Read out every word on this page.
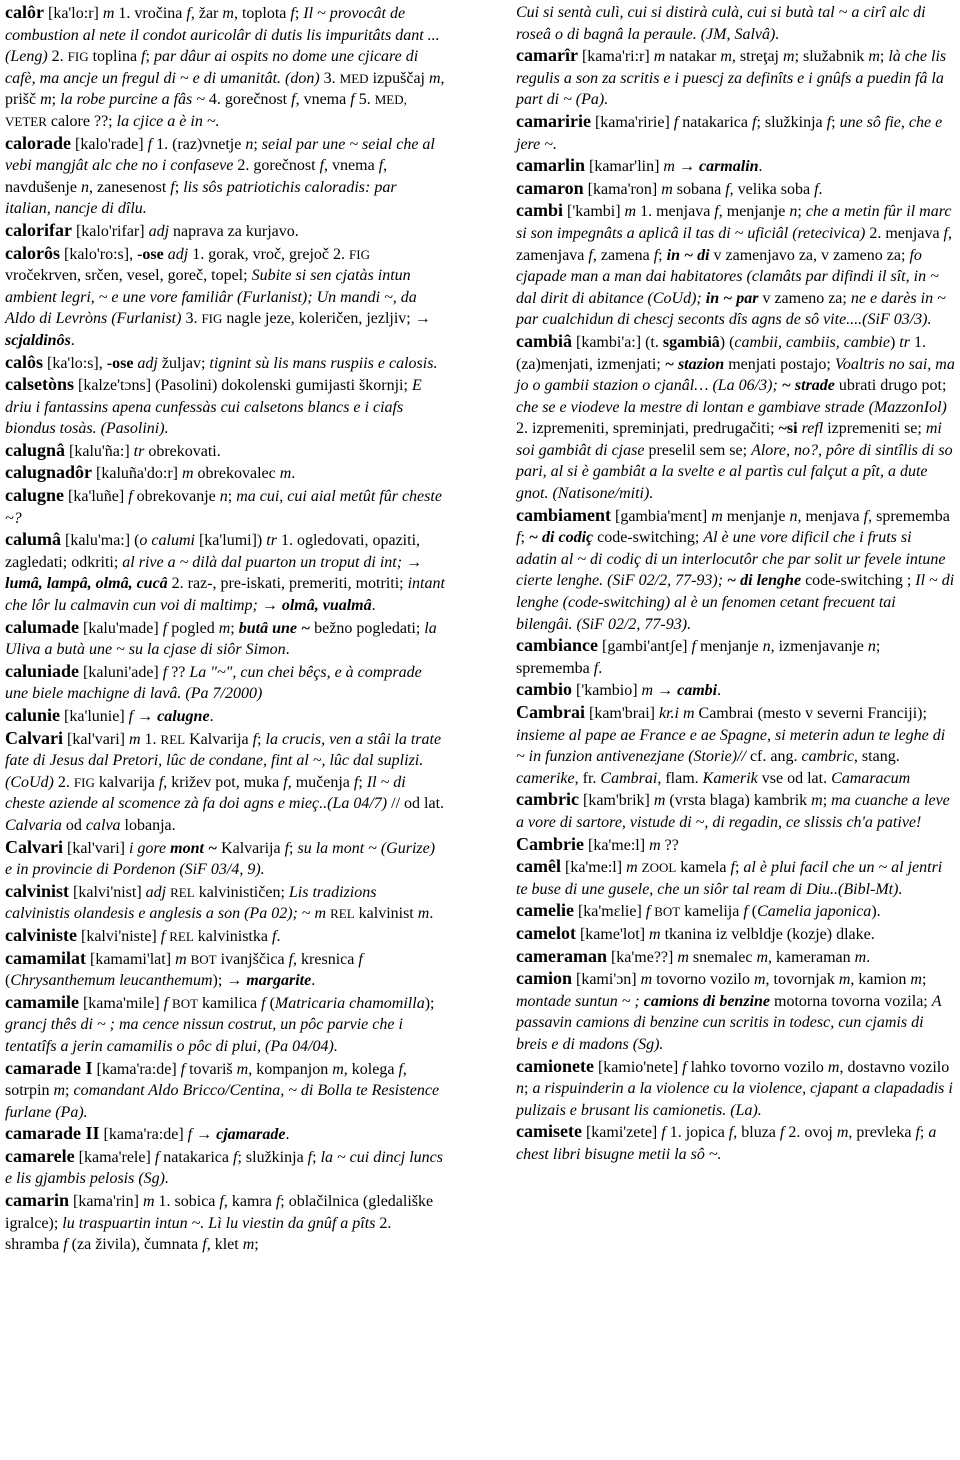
calôr [ka'lo:r] m 1. vročina f, žar m, toplota f; Il ~ provocât de combustion al nete il condot auricolâr di dutis lis impuritâts dant ... (Leng) 2. FIG toplina f; par dâur ai ospits no dome une cjicare di cafè, ma ancje un fregul di ~ e di umanitât. (don) 3. MED izpuščaj m, prišč m; la robe purcine a fâs ~ 4. gorečnost f, vnema f 5. MED, VETER calore ??; la cjice a è in ~.

calorade [kalo'rade] f 1. (raz)vnetje n; seial par une ~ seial che al vebi mangjât alc che no i confaseve 2. gorečnost f, vnema f, navdušenje n, zanesenost f; lis sôs patriotichis caloradis: par italian, nancje di dîlu.

calorifar [kalo'rifar] adj naprava za kurjavo.

calorôs [kalo'ro:s], -ose adj 1. gorak, vroč, grejoč 2. FIG vročekrven, srčen, vesel, goreč, topel; Subite si sen cjatàs intun ambient legri, ~ e une vore familiâr (Furlanist); Un mandi ~, da Aldo di Levròns (Furlanist) 3. FIG nagle jeze, koleričen, jezljiv; → scjaldinôs.

calôs [ka'lo:s], -ose adj žuljav; tignint sù lis mans ruspiis e calosis.

calsetòns [kalze'tɔns] (Pasolini) dokolenski gumijasti škornji; E driu i fantassins apena cunfessàs cui calsetons blancs e i ciafs biondus tosàs. (Pasolini).

calugnâ [kalu'ña:] tr obrekovati.

calugnadôr [kaluña'do:r] m obrekovalec m.

calugne [ka'luñe] f obrekovanje n; ma cui, cui aial metût fûr cheste ~?

calumâ [kalu'ma:] (o calumi [ka'lumi]) tr 1. ogledovati, opaziti, zagledati; odkriti; al rive a ~ dilà dal puarton un trοput di int; → lumâ, lampâ, olmâ, cucâ 2. raz-, pre-iskati, premeriti, motriti; intant che lôr lu calmavin cun voi di maltimp; → olmâ, vualmâ.

calumade [kalu'made] f pogled m; butâ une ~ bežno pogledati; la Uliva a butà une ~ su la cjase di siôr Simon.

caluniade [kaluni'ade] f ?? La "~", cun chei bêçs, e à comprade une biele machigne di lavâ. (Pa 7/2000)

calunie [ka'lunie] f → calugne.

Calvari [kal'vari] m 1. REL Kalvarija f; la crucis, ven a stâi la trate fate di Jesus dal Pretori, lûc de condane, fint al ~, lûc dal suplizi. (CoUd) 2. FIG kalvarija f, križev pot, muka f, mučenja f; Il ~ di cheste aziende al scomence zà fa doi agns e mieç..(La 04/7) // od lat. Calvaria od calva lobanja.

Calvari [kal'vari] i gore mont ~ Kalvarija f; su la mont ~ (Gurize) e in provincie di Pordenon (SiF 03/4, 9).

calvinist [kalvi'nist] adj REL kalvinističen; Lis tradizions calvinistis olandesis e anglesis a son (Pa 02); ~ m REL kalvinist m.

calviniste [kalvi'niste] f REL kalvinistka f.

camamilat [kamami'lat] m BOT ivanjščica f, kresnica f (Chrysanthemum leucanthemum); → margarite.

camamile [kama'mile] f BOT kamilica f (Matricaria chamomilla); grancj thês di ~ ; ma cence nissun costrut, un pôc parvie che i tentatîfs a jerin camamilis o pôc di plui, (Pa 04/04).

camarade I [kama'ra:de] f tovariš m, kompanjon m, kolega f, sotrpin m; comandant Aldo Bricco/Centina, ~ di Bolla te Resistence furlane (Pa).

camarade II [kama'ra:de] f → cjamarade.

camarele [kama'rele] f natakarica f; služkinja f; la ~ cui dincj luncs e lis gjambis pelosis (Sg).

camarin [kama'rin] m 1. sobica f, kamra f; oblačilnica (gledališke igralce); lu traspuartin intun ~. Lì lu viestin da gnûf a pîts 2. shramba f (za živila), čumnata f, klet m;

Cui si sentà culì, cui si distirà culà, cui si butà tal ~ a cirî alc di roseâ o di bagnâ la peraule. (JM, Salvâ).

camarîr [kama'ri:r] m natakar m, streţaj m; služabnik m; là che lis regulis a son za scritis e i puescj za definîts e i gnûfs a puedin fâ la part di ~ (Pa).

camaririe [kama'ririe] f natakarica f; služkinja f; une sô fie, che e jere ~.

camarlin [kamar'lin] m → carmalin.

camaron [kama'ron] m sobana f, velika soba f.

cambi ['kambi] m 1. menjava f, menjanje n; che a metin fûr il marc si son impegnâts a aplicâ il tas di ~ uficiâl (retecivica) 2. menjava f, zamenjava f, zamena f; in ~ di v zamenjavo za, v zameno za; fo cjapade man a man dai habitatores (clamâts par difindi il sît, in ~ dal dirit di abitance (CoUd); in ~ par v zameno za; ne e darès in ~ par cualchidun di chescj seconts dîs agns de sô vite....(SiF 03/3).

cambiâ [kambi'a:] (t. sgambiâ) (cambii, cambiis, cambie) tr 1. (za)menjati, izmenjati; ~ stazion menjati postajo; Voaltris no sai, ma jo o gambii stazion o cjanâl… (La 06/3); ~ strade ubrati drugo pot; che se e viodeve la mestre di lontan e gambiave strade (MazzonIol) 2. izpremeniti, spreminjati, predrugačiti; ~si refl izpremeniti se; mi soi gambiât di cjase preselil sem se; Alore, no?, pôre di sintîlis di so pari, al si è gambiât a la svelte e al partìs cul falçut a pît, a dute gnot. (Natisone/miti).

cambiament [gambia'mɛnt] m menjanje n, menjava f, sprememba f; ~ di codiç code-switching; Al è une vore dificil che i fruts si adatin al ~ di codiç di un interlocutôr che par solit ur fevele intune cierte lenghe. (SiF 02/2, 77-93); ~ di lenghe code-switching ; Il ~ di lenghe (code-switching) al è un fenomen cetant frecuent tai bilengâi. (SiF 02/2, 77-93).

cambiance [gambi'antʃe] f menjanje n, izmenjavanje n; sprememba f.

cambio ['kambio] m → cambi.

Cambrai [kam'brai] kr.i m Cambrai (mesto v severni Franciji); insieme al pape ae France e ae Spagne, si meterin adun te leghe di ~ in funzion antivenezjane (Storie)// cf. ang. cambric, stang. camerike, fr. Cambrai, flam. Kamerik vse od lat. Camaracum

cambric [kam'brik] m (vrsta blaga) kambrik m; ma cuanche a leve a vore di sartore, vistude di ~, di regadin, ce slissis ch'a pative!

Cambrie [ka'me:l] m ??

camêl [ka'me:l] m ZOOL kamela f; al è plui facil che un ~ al jentri te buse di une gusele, che un siôr tal ream di Diu..(Bibl-Mt).

camelie [ka'mɛlie] f BOT kamelija f (Camelia japonica).

camelot [kame'lot] m tkanina iz velbldje (kozje) dlake.

cameraman [ka'me??] m snemalec m, kameraman m.

camion [kami'ɔn] m tovorno vozilo m, tovornjak m, kamion m; montade suntun ~ ; camions di benzine motorna tovorna vozila; A passavin camions di benzine cun scritis in todesc, cun cjamis di breis e di madons (Sg).

camionete [kamio'nete] f lahko tovorno vozilo m, dostavno vozilo n; a rispuinderin a la violence cu la violence, cjapant a clapadadis i pulizais e brusant lis camionetis. (La).

camisete [kami'zete] f 1. jopica f, bluza f 2. ovoj m, prevleka f; a chest libri bisugne metii la sô ~.
